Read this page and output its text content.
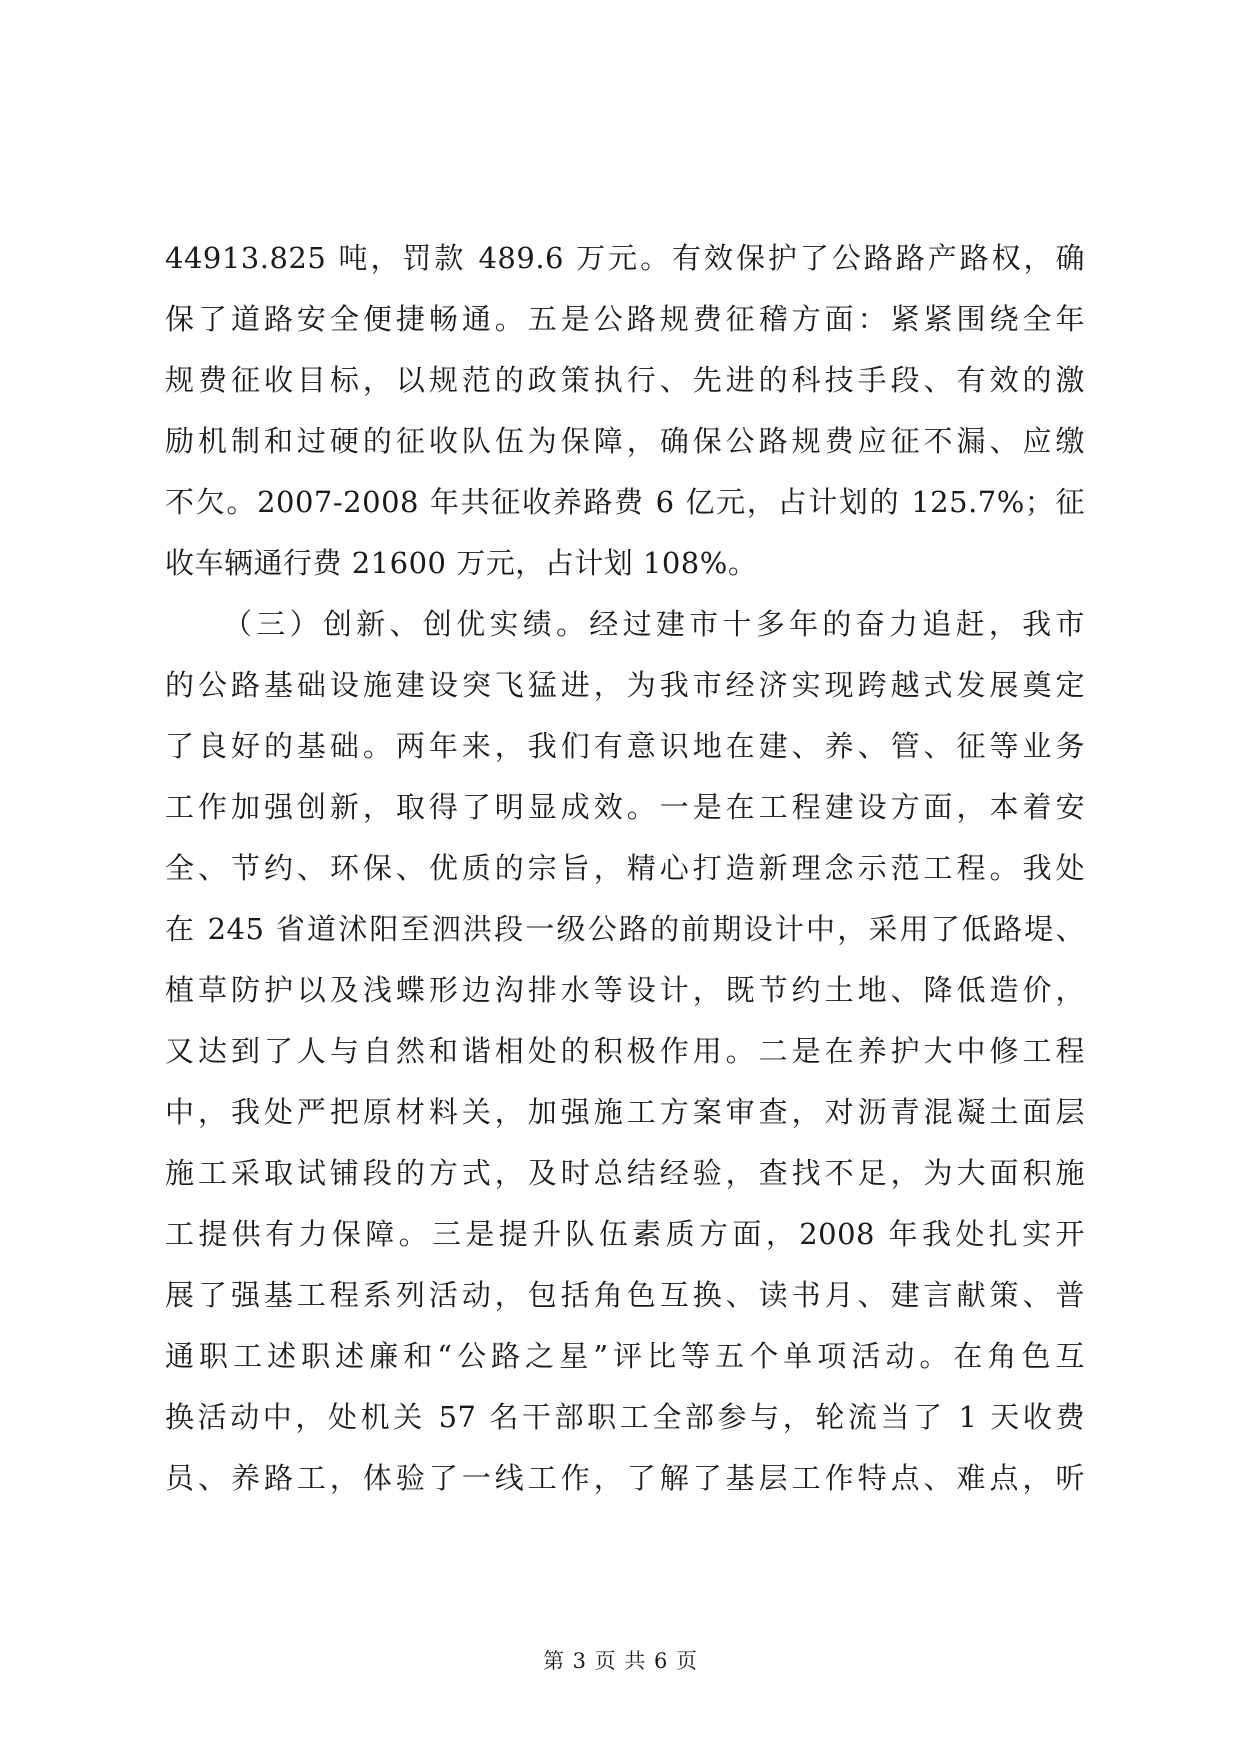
44913.825 吨，罚款 489.6 万元。有效保护了公路路产路权，确
保了道路安全便捷畅通。五是公路规费征稽方面：紧紧围绕全年
规费征收目标，以规范的政策执行、先进的科技手段、有效的激
励机制和过硬的征收队伍为保障，确保公路规费应征不漏、应缴
不欠。2007-2008 年共征收养路费 6 亿元，占计划的 125.7%；征
收车辆通行费 21600 万元，占计划 108%。
（三）创新、创优实绩。经过建市十多年的奋力追赶，我市
的公路基础设施建设突飞猛进，为我市经济实现跨越式发展奠定
了良好的基础。两年来，我们有意识地在建、养、管、征等业务
工作加强创新，取得了明显成效。一是在工程建设方面，本着安
全、节约、环保、优质的宗旨，精心打造新理念示范工程。我处
在 245 省道沭阳至泗洪段一级公路的前期设计中，采用了低路堤、
植草防护以及浅蝶形边沟排水等设计，既节约土地、降低造价，
又达到了人与自然和谐相处的积极作用。二是在养护大中修工程
中，我处严把原材料关，加强施工方案审查，对沥青混凝土面层
施工采取试铺段的方式，及时总结经验，查找不足，为大面积施
工提供有力保障。三是提升队伍素质方面，2008 年我处扎实开
展了强基工程系列活动，包括角色互换、读书月、建言献策、普
通职工述职述廉和“公路之星”评比等五个单项活动。在角色互
换活动中，处机关 57 名干部职工全部参与，轮流当了 1 天收费
员、养路工，体验了一线工作，了解了基层工作特点、难点，听
第 3 页 共 6 页
